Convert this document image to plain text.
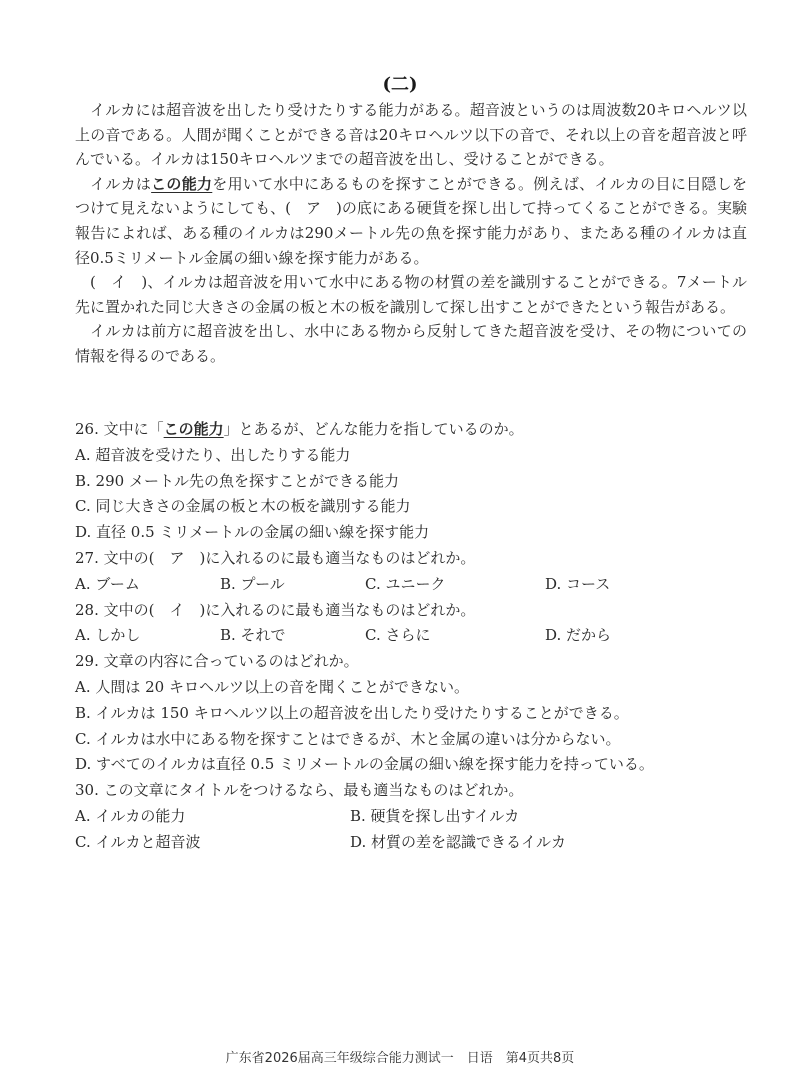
(二)

イルカには超音波を出したり受けたりする能力がある。超音波というのは周波数20キロヘルツ以上の音である。人間が聞くことができる音は20キロヘルツ以下の音で、それ以上の音を超音波と呼んでいる。イルカは150キロヘルツまでの超音波を出し、受けることができる。

イルカはこの能力を用いて水中にあるものを探すことができる。例えば、イルカの目に目隠しをつけて見えないようにしても、(　ア　)の底にある硬貨を探し出して持ってくることができる。実験報告によれば、ある種のイルカは290メートル先の魚を探す能力があり、またある種のイルカは直径0.5ミリメートル金属の細い線を探す能力がある。

(　イ　)、イルカは超音波を用いて水中にある物の材質の差を識別することができる。7メートル先に置かれた同じ大きさの金属の板と木の板を識別して探し出すことができたという報告がある。

イルカは前方に超音波を出し、水中にある物から反射してきた超音波を受け、その物についての情報を得るのである。

26. 文中に「この能力」とあるが、どんな能力を指しているのか。
A. 超音波を受けたり、出したりする能力
B. 290 メートル先の魚を探すことができる能力
C. 同じ大きさの金属の板と木の板を識別する能力
D. 直径 0.5 ミリメートルの金属の細い線を探す能力
27. 文中の(　ア　)に入れるのに最も適当なものはどれか。
A. ブーム	B. プール	C. ユニーク	D. コース
28. 文中の(　イ　)に入れるのに最も適当なものはどれか。
A. しかし	B. それで	C. さらに	D. だから
29. 文章の内容に合っているのはどれか。
A. 人間は 20 キロヘルツ以上の音を聞くことができない。
B. イルカは 150 キロヘルツ以上の超音波を出したり受けたりすることができる。
C. イルカは水中にある物を探すことはできるが、木と金属の違いは分からない。
D. すべてのイルカは直径 0.5 ミリメートルの金属の細い線を探す能力を持っている。
30. この文章にタイトルをつけるなら、最も適当なものはどれか。
A. イルカの能力	B. 硬貨を探し出すイルカ
C. イルカと超音波	D. 材質の差を認識できるイルカ
广东省2026届高三年级综合能力测试一　日语　第4页共8页
